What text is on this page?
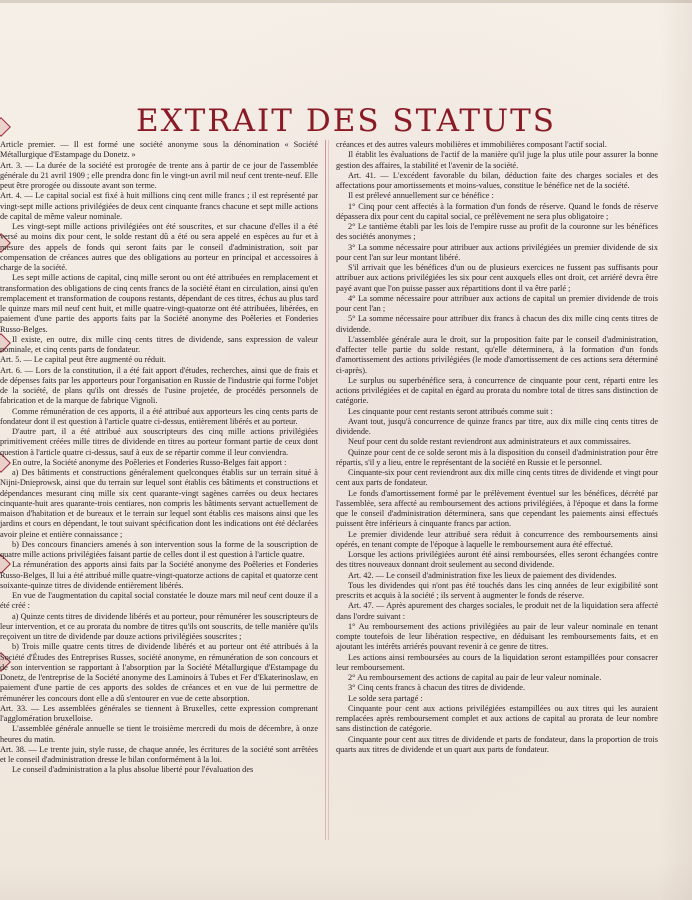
EXTRAIT DES STATUTS

Article premier. — Il est formé une société anonyme sous la dénomination « Société Métallurgique d'Estampage du Donetz. »

Art. 3. — La durée de la société est prorogée de trente ans à partir de ce jour de l'assemblée générale du 21 avril 1909 ; elle prendra donc fin le vingt-un avril mil neuf cent trente-neuf. Elle peut être prorogée ou dissoute avant son terme.

Art. 4. — Le capital social est fixé à huit millions cinq cent mille francs ; il est représenté par vingt-sept mille actions privilégiées de deux cent cinquante francs chacune et sept mille actions de capital de même valeur nominale.

Les vingt-sept mille actions privilégiées ont été souscrites, et sur chacune d'elles il a été versé au moins dix pour cent, le solde restant dû a été ou sera appelé en espèces au fur et à mesure des appels de fonds qui seront faits par le conseil d'administration, soit par compensation de créances autres que des obligations au porteur en principal et accessoires à charge de la société.

Les sept mille actions de capital, cinq mille seront ou ont été attribuées en remplacement et transformation des obligations de cinq cents francs de la société étant en circulation, ainsi qu'en remplacement et transformation de coupons restants, dépendant de ces titres, échus au plus tard le quinze mars mil neuf cent huit, et mille quatre-vingt-quatorze ont été attribuées, libérées, en paiement d'une partie des apports faits par la Société anonyme des Poêleries et Fonderies Russo-Belges.

Il existe, en outre, dix mille cinq cents titres de dividende, sans expression de valeur nominale, et cinq cents parts de fondateur.

Art. 5. — Le capital peut être augmenté ou réduit.

Art. 6. — Lors de la constitution, il a été fait apport d'études, recherches, ainsi que de frais et de dépenses faits par les apporteurs pour l'organisation en Russie de l'industrie qui forme l'objet de la société, de plans qu'ils ont dressés de l'usine projetée, de procédés personnels de fabrication et de la marque de fabrique Vignoli.

Comme rémunération de ces apports, il a été attribué aux apporteurs les cinq cents parts de fondateur dont il est question à l'article quatre ci-dessus, entièrement libérés et au porteur.

D'autre part, il a été attribué aux souscripteurs des cinq mille actions privilégiées primitivement créées mille titres de dividende en titres au porteur formant partie de ceux dont question à l'article quatre ci-dessus, sauf à eux de se répartir comme il leur conviendra.

En outre, la Société anonyme des Poêleries et Fonderies Russo-Belges fait apport :

a) Des bâtiments et constructions généralement quelconques établis sur un terrain situé à Nijni-Dnieprowsk, ainsi que du terrain sur lequel sont établis ces bâtiments et constructions et dépendances mesurant cinq mille six cent quarante-vingt sagènes carrées ou deux hectares cinquante-huit ares quarante-trois centiares, non compris les bâtiments servant actuellement de maison d'habitation et de bureaux et le terrain sur lequel sont établis ces maisons ainsi que les jardins et cours en dépendant, le tout suivant spécification dont les indications ont été déclarées avoir pleine et entière connaissance ;

b) Des concours financiers amenés à son intervention sous la forme de la souscription de quatre mille actions privilégiées faisant partie de celles dont il est question à l'article quatre.

La rémunération des apports ainsi faits par la Société anonyme des Poêleries et Fonderies Russo-Belges, Il lui a été attribué mille quatre-vingt-quatorze actions de capital et quatorze cent soixante-quinze titres de dividende entièrement libérés.

En vue de l'augmentation du capital social constatée le douze mars mil neuf cent douze il a été créé :

a) Quinze cents titres de dividende libérés et au porteur, pour rémunérer les souscripteurs de leur intervention, et ce au prorata du nombre de titres qu'ils ont souscrits, de telle manière qu'ils reçoivent un titre de dividende par douze actions privilégiées souscrites ;

b) Trois mille quatre cents titres de dividende libérés et au porteur ont été attribués à la Société d'Études des Entreprises Russes, société anonyme, en rémunération de son concours et de son intervention se rapportant à l'absorption par la Société Métallurgique d'Estampage du Donetz, de l'entreprise de la Société anonyme des Laminoirs à Tubes et Fer d'Ekaterinoslaw, en paiement d'une partie de ces apports des soldes de créances et en vue de lui permettre de rémunérer les concours dont elle a dû s'entourer en vue de cette absorption.

Art. 33. — Les assemblées générales se tiennent à Bruxelles, cette expression comprenant l'agglomération bruxelloise.

L'assemblée générale annuelle se tient le troisième mercredi du mois de décembre, à onze heures du matin.

Art. 38. — Le trente juin, style russe, de chaque année, les écritures de la société sont arrêtées et le conseil d'administration dresse le bilan conformément à la loi.

Le conseil d'administration a la plus absolue liberté pour l'évaluation des

créances et des autres valeurs mobilières et immobilières composant l'actif social.

Il établit les évaluations de l'actif de la manière qu'il juge la plus utile pour assurer la bonne gestion des affaires, la stabilité et l'avenir de la société.

Art. 41. — L'excédent favorable du bilan, déduction faite des charges sociales et des affectations pour amortissements et moins-values, constitue le bénéfice net de la société.

Il est prélevé annuellement sur ce bénéfice :

1° Cinq pour cent affectés à la formation d'un fonds de réserve. Quand le fonds de réserve dépassera dix pour cent du capital social, ce prélèvement ne sera plus obligatoire ;

2° Le tantième établi par les lois de l'empire russe au profit de la couronne sur les bénéfices des sociétés anonymes ;

3° La somme nécessaire pour attribuer aux actions privilégiées un premier dividende de six pour cent l'an sur leur montant libéré.

S'il arrivait que les bénéfices d'un ou de plusieurs exercices ne fussent pas suffisants pour attribuer aux actions privilégiées les six pour cent auxquels elles ont droit, cet arriéré devra être payé avant que l'on puisse passer aux répartitions dont il va être parlé ;

4° La somme nécessaire pour attribuer aux actions de capital un premier dividende de trois pour cent l'an ;

5° La somme nécessaire pour attribuer dix francs à chacun des dix mille cinq cents titres de dividende.

L'assemblée générale aura le droit, sur la proposition faite par le conseil d'administration, d'affecter telle partie du solde restant, qu'elle déterminera, à la formation d'un fonds d'amortissement des actions privilégiées (le mode d'amortissement de ces actions sera déterminé ci-après).

Le surplus ou superbénéfice sera, à concurrence de cinquante pour cent, réparti entre les actions privilégiées et de capital en égard au prorata du nombre total de titres sans distinction de catégorie.

Les cinquante pour cent restants seront attribués comme suit :

Avant tout, jusqu'à concurrence de quinze francs par titre, aux dix mille cinq cents titres de dividende.

Neuf pour cent du solde restant reviendront aux administrateurs et aux commissaires.

Quinze pour cent de ce solde seront mis à la disposition du conseil d'administration pour être répartis, s'il y a lieu, entre le représentant de la société en Russie et le personnel.

Cinquante-six pour cent reviendront aux dix mille cinq cents titres de dividende et vingt pour cent aux parts de fondateur.

Le fonds d'amortissement formé par le prélèvement éventuel sur les bénéfices, décrété par l'assemblée, sera affecté au remboursement des actions privilégiées, à l'époque et dans la forme que le conseil d'administration déterminera, sans que cependant les paiements ainsi effectués puissent être inférieurs à cinquante francs par action.

Le premier dividende leur attribué sera réduit à concurrence des remboursements ainsi opérés, en tenant compte de l'époque à laquelle le remboursement aura été effectué.

Lorsque les actions privilégiées auront été ainsi remboursées, elles seront échangées contre des titres nouveaux donnant droit seulement au second dividende.

Art. 42. — Le conseil d'administration fixe les lieux de paiement des dividendes.

Tous les dividendes qui n'ont pas été touchés dans les cinq années de leur exigibilité sont prescrits et acquis à la société ; ils servent à augmenter le fonds de réserve.

Art. 47. — Après apurement des charges sociales, le produit net de la liquidation sera affecté dans l'ordre suivant :

1° Au remboursement des actions privilégiées au pair de leur valeur nominale en tenant compte toutefois de leur libération respective, en déduisant les remboursements faits, et en ajoutant les intérêts arriérés pouvant revenir à ce genre de titres.

Les actions ainsi remboursées au cours de la liquidation seront estampillées pour consacrer leur remboursement.

2° Au remboursement des actions de capital au pair de leur valeur nominale.

3° Cinq cents francs à chacun des titres de dividende.

Le solde sera partagé :

Cinquante pour cent aux actions privilégiées estampillées ou aux titres qui les auraient remplacées après remboursement complet et aux actions de capital au prorata de leur nombre sans distinction de catégorie.

Cinquante pour cent aux titres de dividende et parts de fondateur, dans la proportion de trois quarts aux titres de dividende et un quart aux parts de fondateur.
